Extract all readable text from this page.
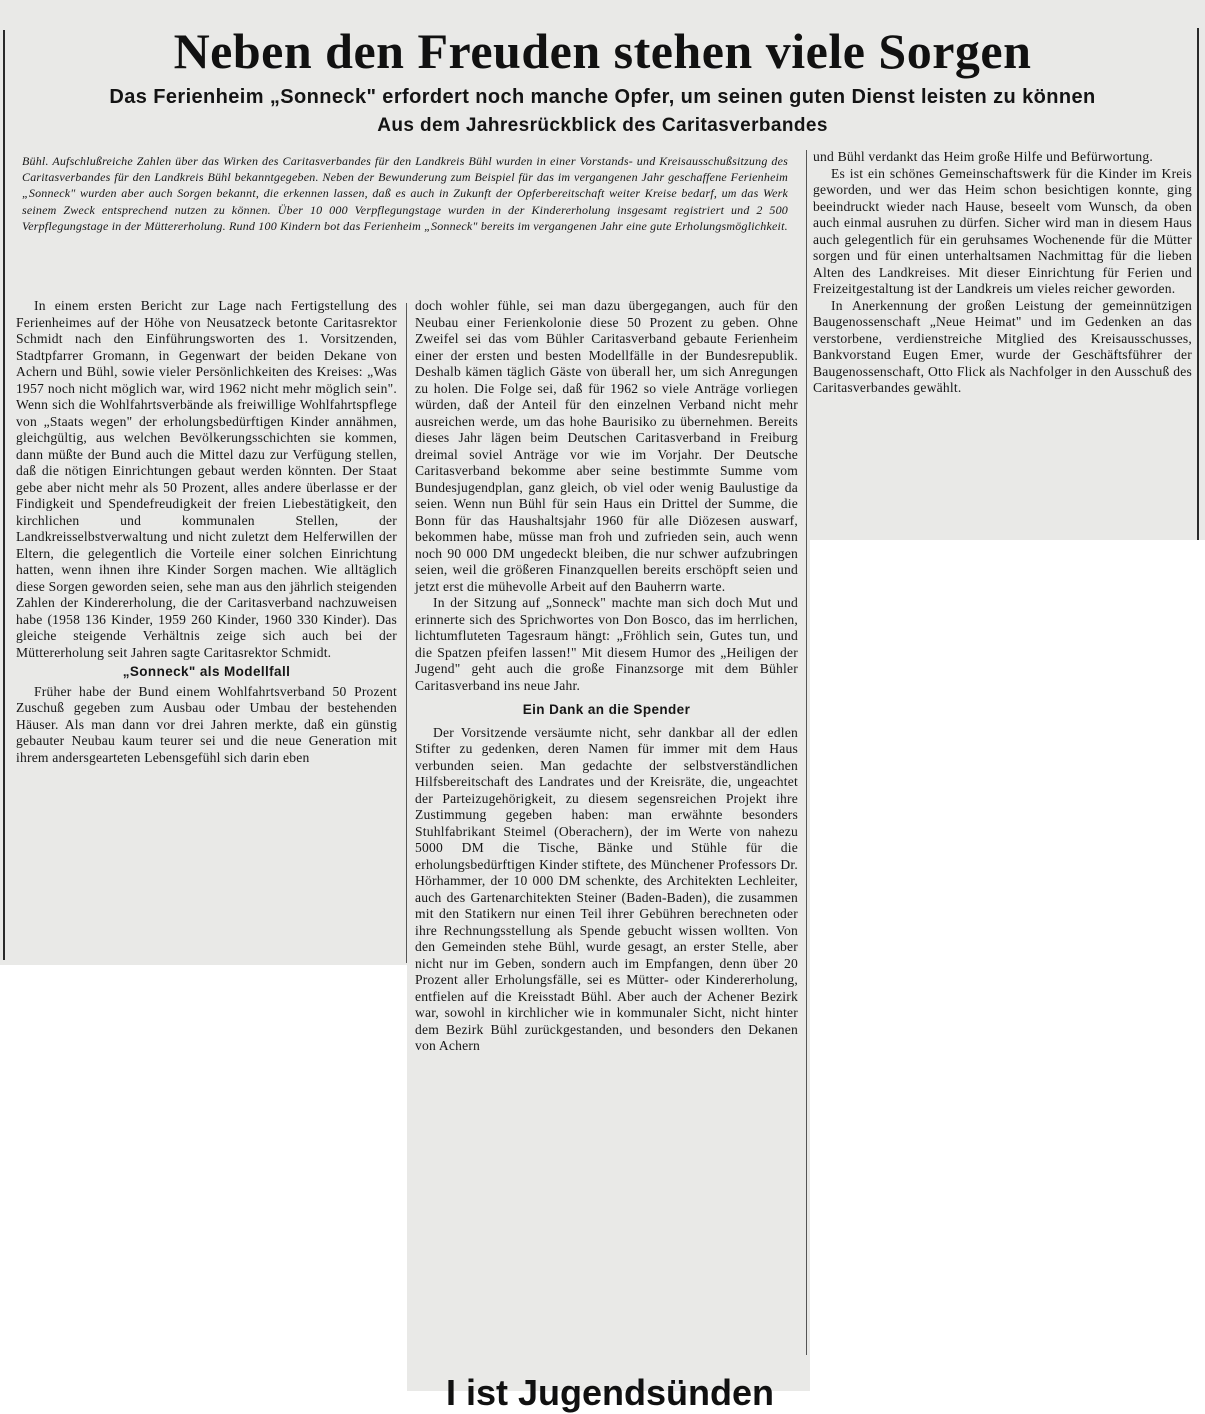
Neben den Freuden stehen viele Sorgen
Das Ferienheim „Sonneck" erfordert noch manche Opfer, um seinen guten Dienst leisten zu können
Aus dem Jahresrückblick des Caritasverbandes
Bühl. Aufschlußreiche Zahlen über das Wirken des Caritasverbandes für den Landkreis Bühl wurden in einer Vorstands- und Kreisausschußsitzung des Caritasverbandes für den Landkreis Bühl bekanntgegeben. Neben der Bewunderung zum Beispiel für das im vergangenen Jahr geschaffene Ferienheim „Sonneck" wurden aber auch Sorgen bekannt, die erkennen lassen, daß es auch in Zukunft der Opferbereitschaft weiter Kreise bedarf, um das Werk seinem Zweck entsprechend nutzen zu können. Über 10 000 Verpflegungstage wurden in der Kindererholung insgesamt registriert und 2 500 Verpflegungstage in der Müttererholung. Rund 100 Kindern bot das Ferienheim „Sonneck" bereits im vergangenen Jahr eine gute Erholungsmöglichkeit.

In einem ersten Bericht zur Lage nach Fertigstellung des Ferienheimes auf der Höhe von Neusatzeck betonte Caritasrektor Schmidt nach den Einführungsworten des 1. Vorsitzenden, Stadtpfarrer Gromann, in Gegenwart der beiden Dekane von Achern und Bühl, sowie vieler Persönlichkeiten des Kreises: „Was 1957 noch nicht möglich war, wird 1962 nicht mehr möglich sein". Wenn sich die Wohlfahrtsverbände als freiwillige Wohlfahrtspflege von „Staats wegen" der erholungsbedürftigen Kinder annähmen, gleichgültig, aus welchen Bevölkerungsschichten sie kommen, dann müßte der Bund auch die Mittel dazu zur Verfügung stellen, daß die nötigen Einrichtungen gebaut werden könnten. Der Staat gebe aber nicht mehr als 50 Prozent, alles andere überlasse er der Findigkeit und Spendefreudigkeit der freien Liebestätigkeit, den kirchlichen und kommunalen Stellen, der Landkreisselbstverwaltung und nicht zuletzt dem Helferwillen der Eltern, die gelegentlich die Vorteile einer solchen Einrichtung hatten, wenn ihnen ihre Kinder Sorgen machen. Wie alltäglich diese Sorgen geworden seien, sehe man aus den jährlich steigenden Zahlen der Kindererholung, die der Caritasverband nachzuweisen habe (1958 136 Kinder, 1959 260 Kinder, 1960 330 Kinder). Das gleiche steigende Verhältnis zeige sich auch bei der Müttererholung seit Jahren sagte Caritasrektor Schmidt.

„Sonneck" als Modellfall

Früher habe der Bund einem Wohlfahrtsverband 50 Prozent Zuschuß gegeben zum Ausbau oder Umbau der bestehenden Häuser. Als man dann vor drei Jahren merkte, daß ein günstig gebauter Neubau kaum teurer sei und die neue Generation mit ihrem andersgearteten Lebensgefühl sich darin eben

doch wohler fühle, sei man dazu übergegangen, auch für den Neubau einer Ferienkolonie diese 50 Prozent zu geben. Ohne Zweifel sei das vom Bühler Caritasverband gebaute Ferienheim einer der ersten und besten Modellfälle in der Bundesrepublik. Deshalb kämen täglich Gäste von überall her, um sich Anregungen zu holen. Die Folge sei, daß für 1962 so viele Anträge vorliegen würden, daß der Anteil für den einzelnen Verband nicht mehr ausreichen werde, um das hohe Baurisiko zu übernehmen. Bereits dieses Jahr lägen beim Deutschen Caritasverband in Freiburg dreimal soviel Anträge vor wie im Vorjahr. Der Deutsche Caritasverband bekomme aber seine bestimmte Summe vom Bundesjugendplan, ganz gleich, ob viel oder wenig Baulustige da seien. Wenn nun Bühl für sein Haus ein Drittel der Summe, die Bonn für das Haushaltsjahr 1960 für alle Diözesen auswarf, bekommen habe, müsse man froh und zufrieden sein, auch wenn noch 90 000 DM ungedeckt bleiben, die nur schwer aufzubringen seien, weil die größeren Finanzquellen bereits erschöpft seien und jetzt erst die mühevolle Arbeit auf den Bauherrn warte.

In der Sitzung auf „Sonneck" machte man sich doch Mut und erinnerte sich des Sprichwortes von Don Bosco, das im herrlichen, lichtumfluteten Tagesraum hängt: „Fröhlich sein, Gutes tun, und die Spatzen pfeifen lassen!" Mit diesem Humor des „Heiligen der Jugend" geht auch die große Finanzsorge mit dem Bühler Caritasverband ins neue Jahr.

Ein Dank an die Spender

Der Vorsitzende versäumte nicht, sehr dankbar all der edlen Stifter zu gedenken, deren Namen für immer mit dem Haus verbunden seien. Man gedachte der selbstverständlichen Hilfsbereitschaft des Landrates und der Kreisräte, die, ungeachtet der Parteizugehörigkeit, zu diesem segensreichen Projekt ihre Zustimmung gegeben haben: man erwähnte besonders Stuhlfabrikant Steimel (Oberachern), der im Werte von nahezu 5000 DM die Tische, Bänke und Stühle für die erholungsbedürftigen Kinder stiftete, des Münchener Professors Dr. Hörhammer, der 10 000 DM schenkte, des Architekten Lechleiter, auch des Gartenarchitekten Steiner (Baden-Baden), die zusammen mit den Statikern nur einen Teil ihrer Gebühren berechneten oder ihre Rechnungsstellung als Spende gebucht wissen wollten. Von den Gemeinden stehe Bühl, wurde gesagt, an erster Stelle, aber nicht nur im Geben, sondern auch im Empfangen, denn über 20 Prozent aller Erholungsfälle, sei es Mütter- oder Kindererholung, entfielen auf die Kreisstadt Bühl. Aber auch der Achener Bezirk war, sowohl in kirchlicher wie in kommunaler Sicht, nicht hinter dem Bezirk Bühl zurückgestanden, und besonders den Dekanen von Achern

und Bühl verdankt das Heim große Hilfe und Befürwortung.

Es ist ein schönes Gemeinschaftswerk für die Kinder im Kreis geworden, und wer das Heim schon besichtigen konnte, ging beeindruckt wieder nach Hause, beseelt vom Wunsch, da oben auch einmal ausruhen zu dürfen. Sicher wird man in diesem Haus auch gelegentlich für ein geruhsames Wochenende für die Mütter sorgen und für einen unterhaltsamen Nachmittag für die lieben Alten des Landkreises. Mit dieser Einrichtung für Ferien und Freizeitgestaltung ist der Landkreis um vieles reicher geworden.

In Anerkennung der großen Leistung der gemeinnützigen Baugenossenschaft „Neue Heimat" und im Gedenken an das verstorbene, verdienstreiche Mitglied des Kreisausschusses, Bankvorstand Eugen Emer, wurde der Geschäftsführer der Baugenossenschaft, Otto Flick als Nachfolger in den Ausschuß des Caritasverbandes gewählt.

I ist Jugendsünden
